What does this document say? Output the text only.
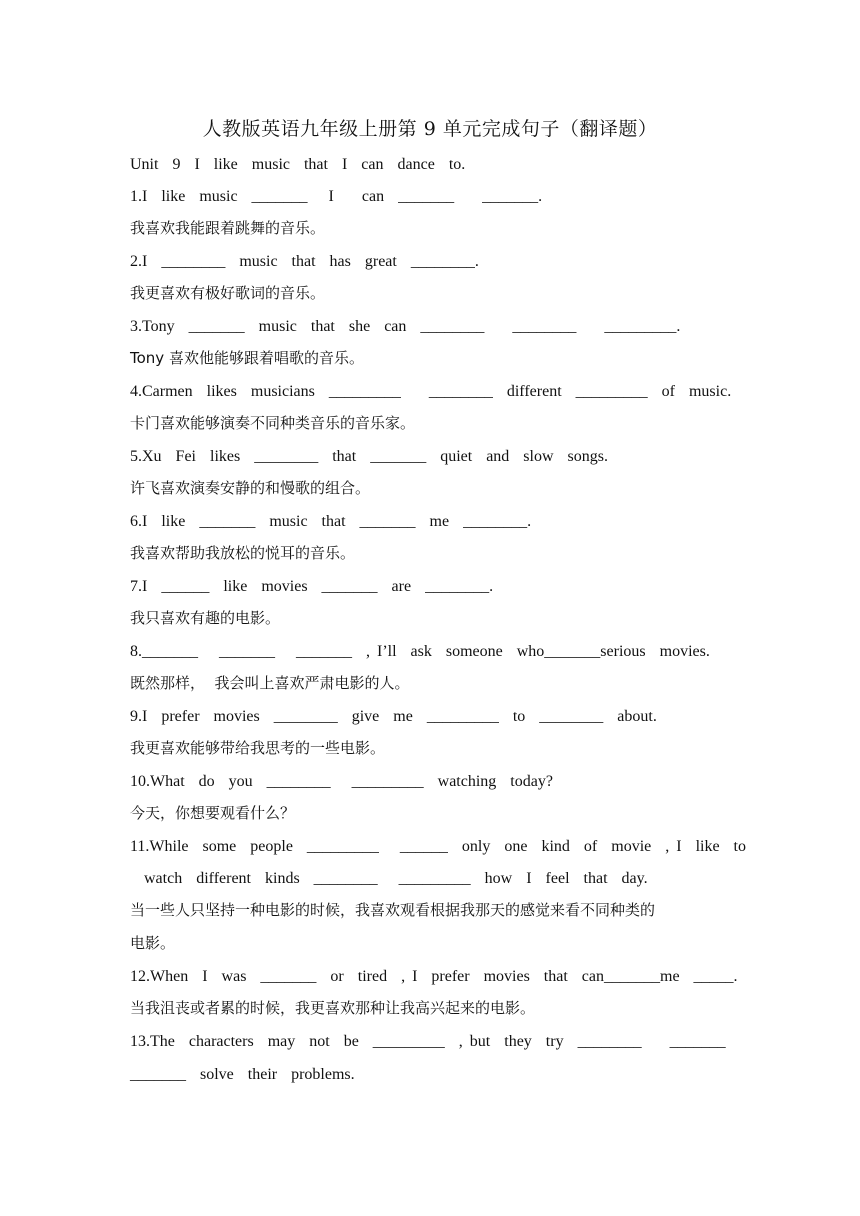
人教版英语九年级上册第 9 单元完成句子（翻译题）
Unit  9  I  like  music  that  I  can  dance  to.
1.I  like  music  _______   I    can  _______    _______.
我喜欢我能跟着跳舞的音乐。
2.I  ________  music  that  has  great  ________.
我更喜欢有极好歌词的音乐。
3.Tony  _______  music  that  she  can  ________    ________    _________.
Tony 喜欢他能够跟着唱歌的音乐。
4.Carmen  likes  musicians  _________    ________  different  _________  of  music.
卡门喜欢能够演奏不同种类音乐的音乐家。
5.Xu  Fei  likes  ________  that  _______  quiet  and  slow  songs.
许飞喜欢演奏安静的和慢歌的组合。
6.I  like  _______  music  that  _______  me  ________.
我喜欢帮助我放松的悦耳的音乐。
7.I  ______  like  movies  _______  are  ________.
我只喜欢有趣的电影。
8._______   _______   _______  , I’ll  ask  someone  who_______serious  movies.
既然那样，  我会叫上喜欢严肃电影的人。
9.I  prefer  movies  ________  give  me  _________  to  ________  about.
我更喜欢能够带给我思考的一些电影。
10.What  do  you  ________   _________  watching  today?
今天，你想要观看什么？
11.While  some  people  _________   ______  only  one  kind  of  movie  , I  like  to
watch  different  kinds  ________   _________  how  I  feel  that  day.
当一些人只坚持一种电影的时候，我喜欢观看根据我那天的感觉来看不同种类的
电影。
12.When  I  was  _______  or  tired  , I  prefer  movies  that  can_______me  _____.
当我沮丧或者累的时候，我更喜欢那种让我高兴起来的电影。
13.The  characters  may  not  be  _________  , but  they  try  ________    _______
_______  solve  their  problems.
